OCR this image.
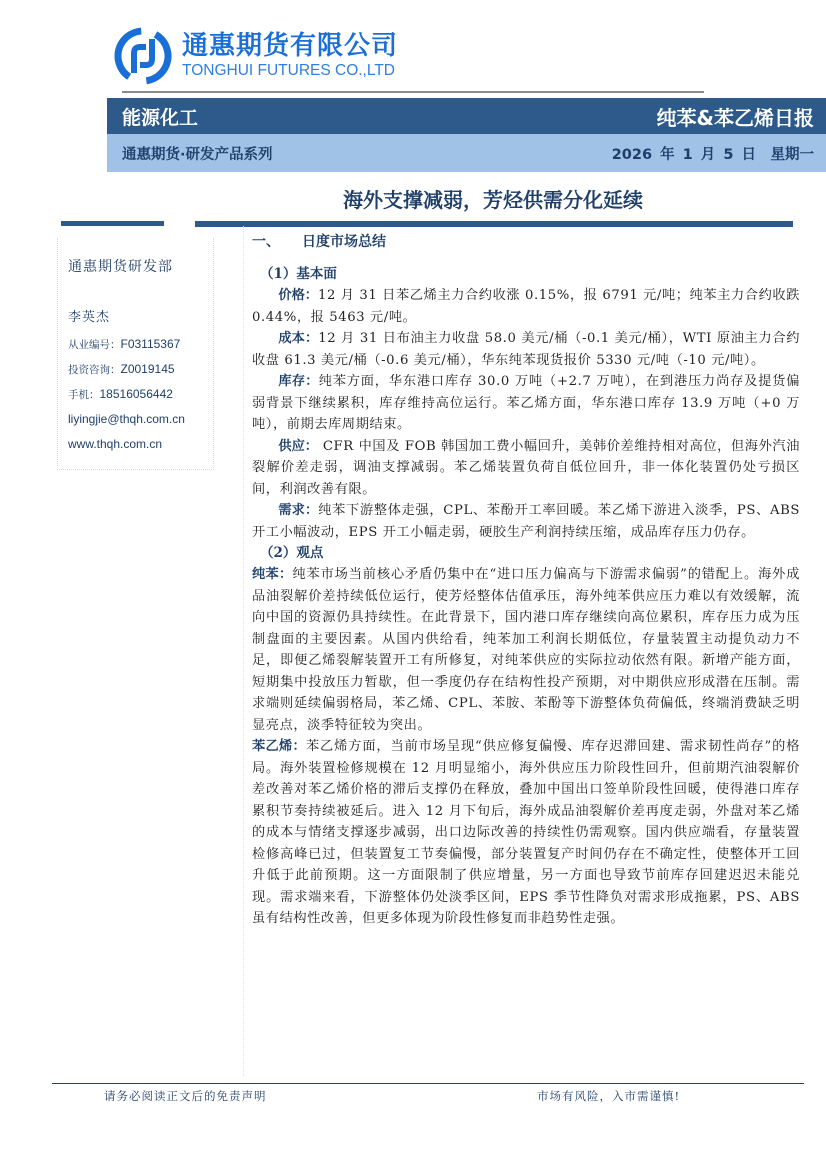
通惠期货有限公司
TONGHUI FUTURES CO.,LTD
能源化工	纯苯&苯乙烯日报
通惠期货·研发产品系列	2026 年 1 月 5 日　星期一
海外支撑减弱，芳烃供需分化延续
通惠期货研发部
李英杰
从业编号：F03115367
投资咨询：Z0019145
手机：18516056442
liyingjie@thqh.com.cn
www.thqh.com.cn
一、 日度市场总结
（1）基本面

价格：12 月 31 日苯乙烯主力合约收涨 0.15%，报 6791 元/吨；纯苯主力合约收跌 0.44%，报 5463 元/吨。

成本：12 月 31 日布油主力收盘 58.0 美元/桶（-0.1 美元/桶），WTI 原油主力合约收盘 61.3 美元/桶（-0.6 美元/桶），华东纯苯现货报价 5330 元/吨（-10 元/吨）。

库存：纯苯方面，华东港口库存 30.0 万吨（+2.7 万吨），在到港压力尚存及提货偏弱背景下继续累积，库存维持高位运行。苯乙烯方面，华东港口库存 13.9 万吨（+0 万吨），前期去库周期结束。

供应： CFR 中国及 FOB 韩国加工费小幅回升，美韩价差维持相对高位，但海外汽油裂解价差走弱，调油支撑减弱。苯乙烯装置负荷自低位回升，非一体化装置仍处亏损区间，利润改善有限。

需求：纯苯下游整体走强，CPL、苯酚开工率回暖。苯乙烯下游进入淡季，PS、ABS 开工小幅波动，EPS 开工小幅走弱，硬胶生产利润持续压缩，成品库存压力仍存。

（2）观点

纯苯：纯苯市场当前核心矛盾仍集中在“进口压力偏高与下游需求偏弱”的错配上。海外成品油裂解价差持续低位运行，使芳烃整体估值承压，海外纯苯供应压力难以有效缓解，流向中国的资源仍具持续性。在此背景下，国内港口库存继续向高位累积，库存压力成为压制盘面的主要因素。从国内供给看，纯苯加工利润长期低位，存量装置主动提负动力不足，即便乙烯裂解装置开工有所修复，对纯苯供应的实际拉动依然有限。新增产能方面，短期集中投放压力暂歇，但一季度仍存在结构性投产预期，对中期供应形成潜在压制。需求端则延续偏弱格局，苯乙烯、CPL、苯胺、苯酚等下游整体负荷偏低，终端消费缺乏明显亮点，淡季特征较为突出。

苯乙烯：苯乙烯方面，当前市场呈现“供应修复偏慢、库存迟滞回建、需求韧性尚存”的格局。海外装置检修规模在 12 月明显缩小，海外供应压力阶段性回升，但前期汽油裂解价差改善对苯乙烯价格的滞后支撑仍在释放，叠加中国出口签单阶段性回暖，使得港口库存累积节奏持续被延后。进入 12 月下旬后，海外成品油裂解价差再度走弱，外盘对苯乙烯的成本与情绪支撑逐步减弱，出口边际改善的持续性仍需观察。国内供应端看，存量装置检修高峰已过，但装置复工节奏偏慢，部分装置复产时间仍存在不确定性，使整体开工回升低于此前预期。这一方面限制了供应增量，另一方面也导致节前库存回建迟迟未能兑现。需求端来看，下游整体仍处淡季区间，EPS 季节性降负对需求形成拖累，PS、ABS 虽有结构性改善，但更多体现为阶段性修复而非趋势性走强。

请务必阅读正文后的免责声明	市场有风险，入市需谨慎!
